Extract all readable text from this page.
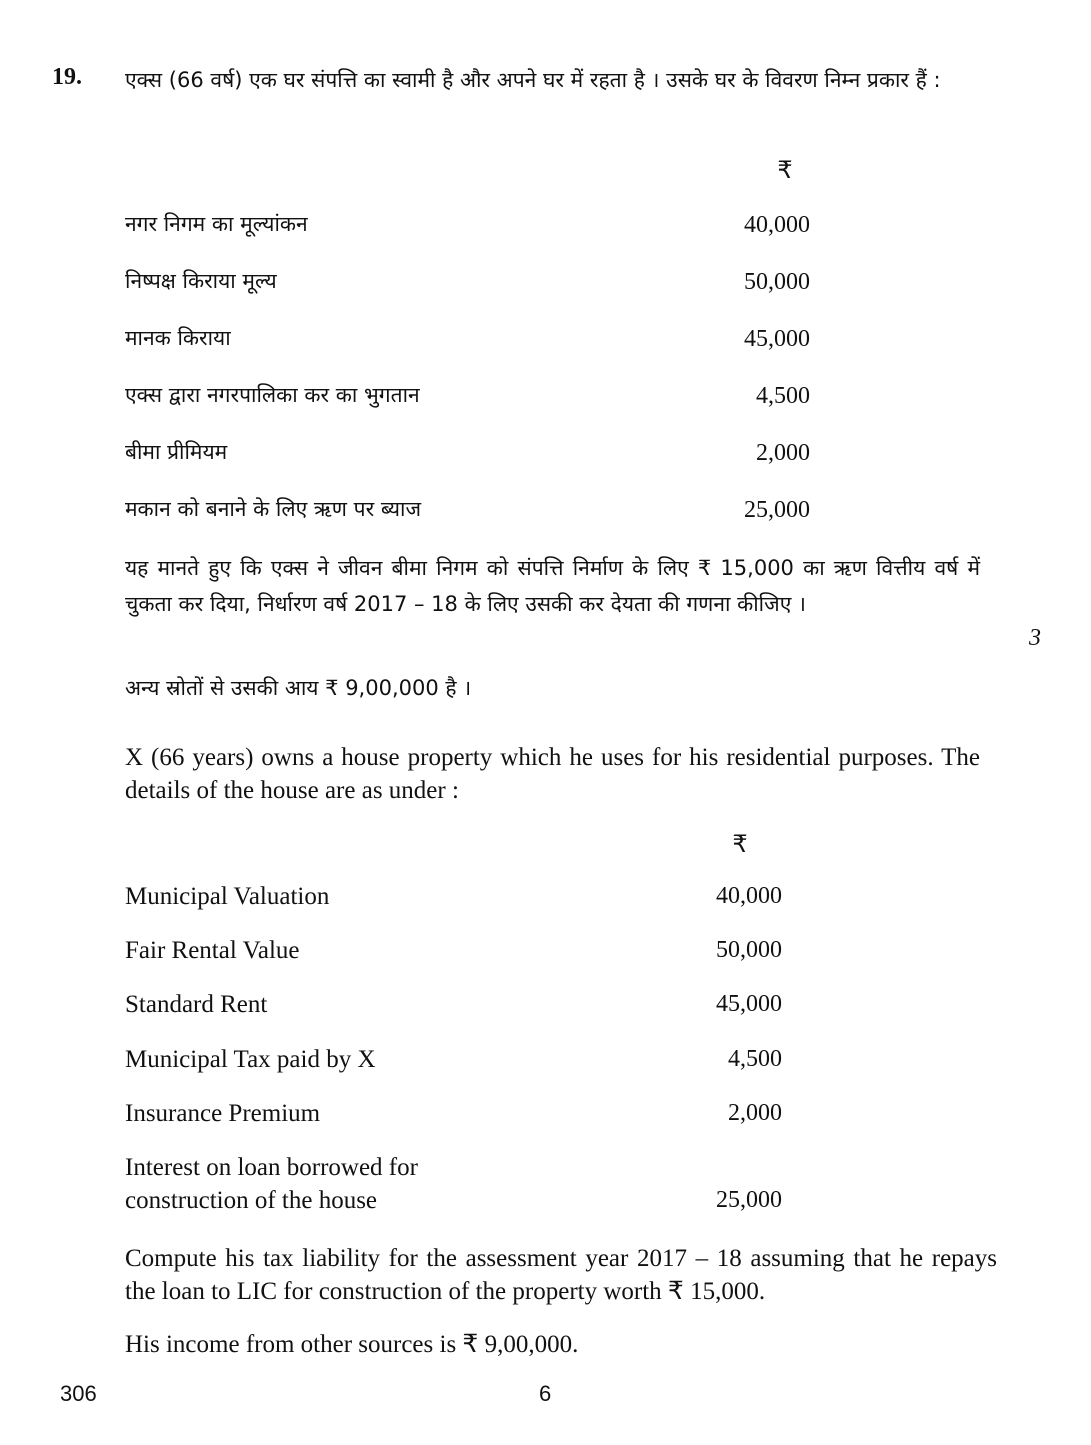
19. एक्स (66 वर्ष) एक घर संपत्ति का स्वामी है और अपने घर में रहता है । उसके घर के विवरण निम्न प्रकार हैं :
₹
नगर निगम का मूल्यांकन	40,000
निष्पक्ष किराया मूल्य	50,000
मानक किराया	45,000
एक्स द्वारा नगरपालिका कर का भुगतान	4,500
बीमा प्रीमियम	2,000
मकान को बनाने के लिए ऋण पर ब्याज	25,000
यह मानते हुए कि एक्स ने जीवन बीमा निगम को संपत्ति निर्माण के लिए ₹ 15,000 का ऋण वित्तीय वर्ष में चुकता कर दिया, निर्धारण वर्ष 2017 – 18 के लिए उसकी कर देयता की गणना कीजिए ।
3
अन्य स्रोतों से उसकी आय ₹ 9,00,000 है ।
X (66 years) owns a house property which he uses for his residential purposes. The details of the house are as under :
₹
Municipal Valuation	40,000
Fair Rental Value	50,000
Standard Rent	45,000
Municipal Tax paid by X	4,500
Insurance Premium	2,000
Interest on loan borrowed for
construction of the house	25,000
Compute his tax liability for the assessment year 2017 – 18 assuming that he repays the loan to LIC for construction of the property worth ₹ 15,000.
His income from other sources is ₹ 9,00,000.
306	6
